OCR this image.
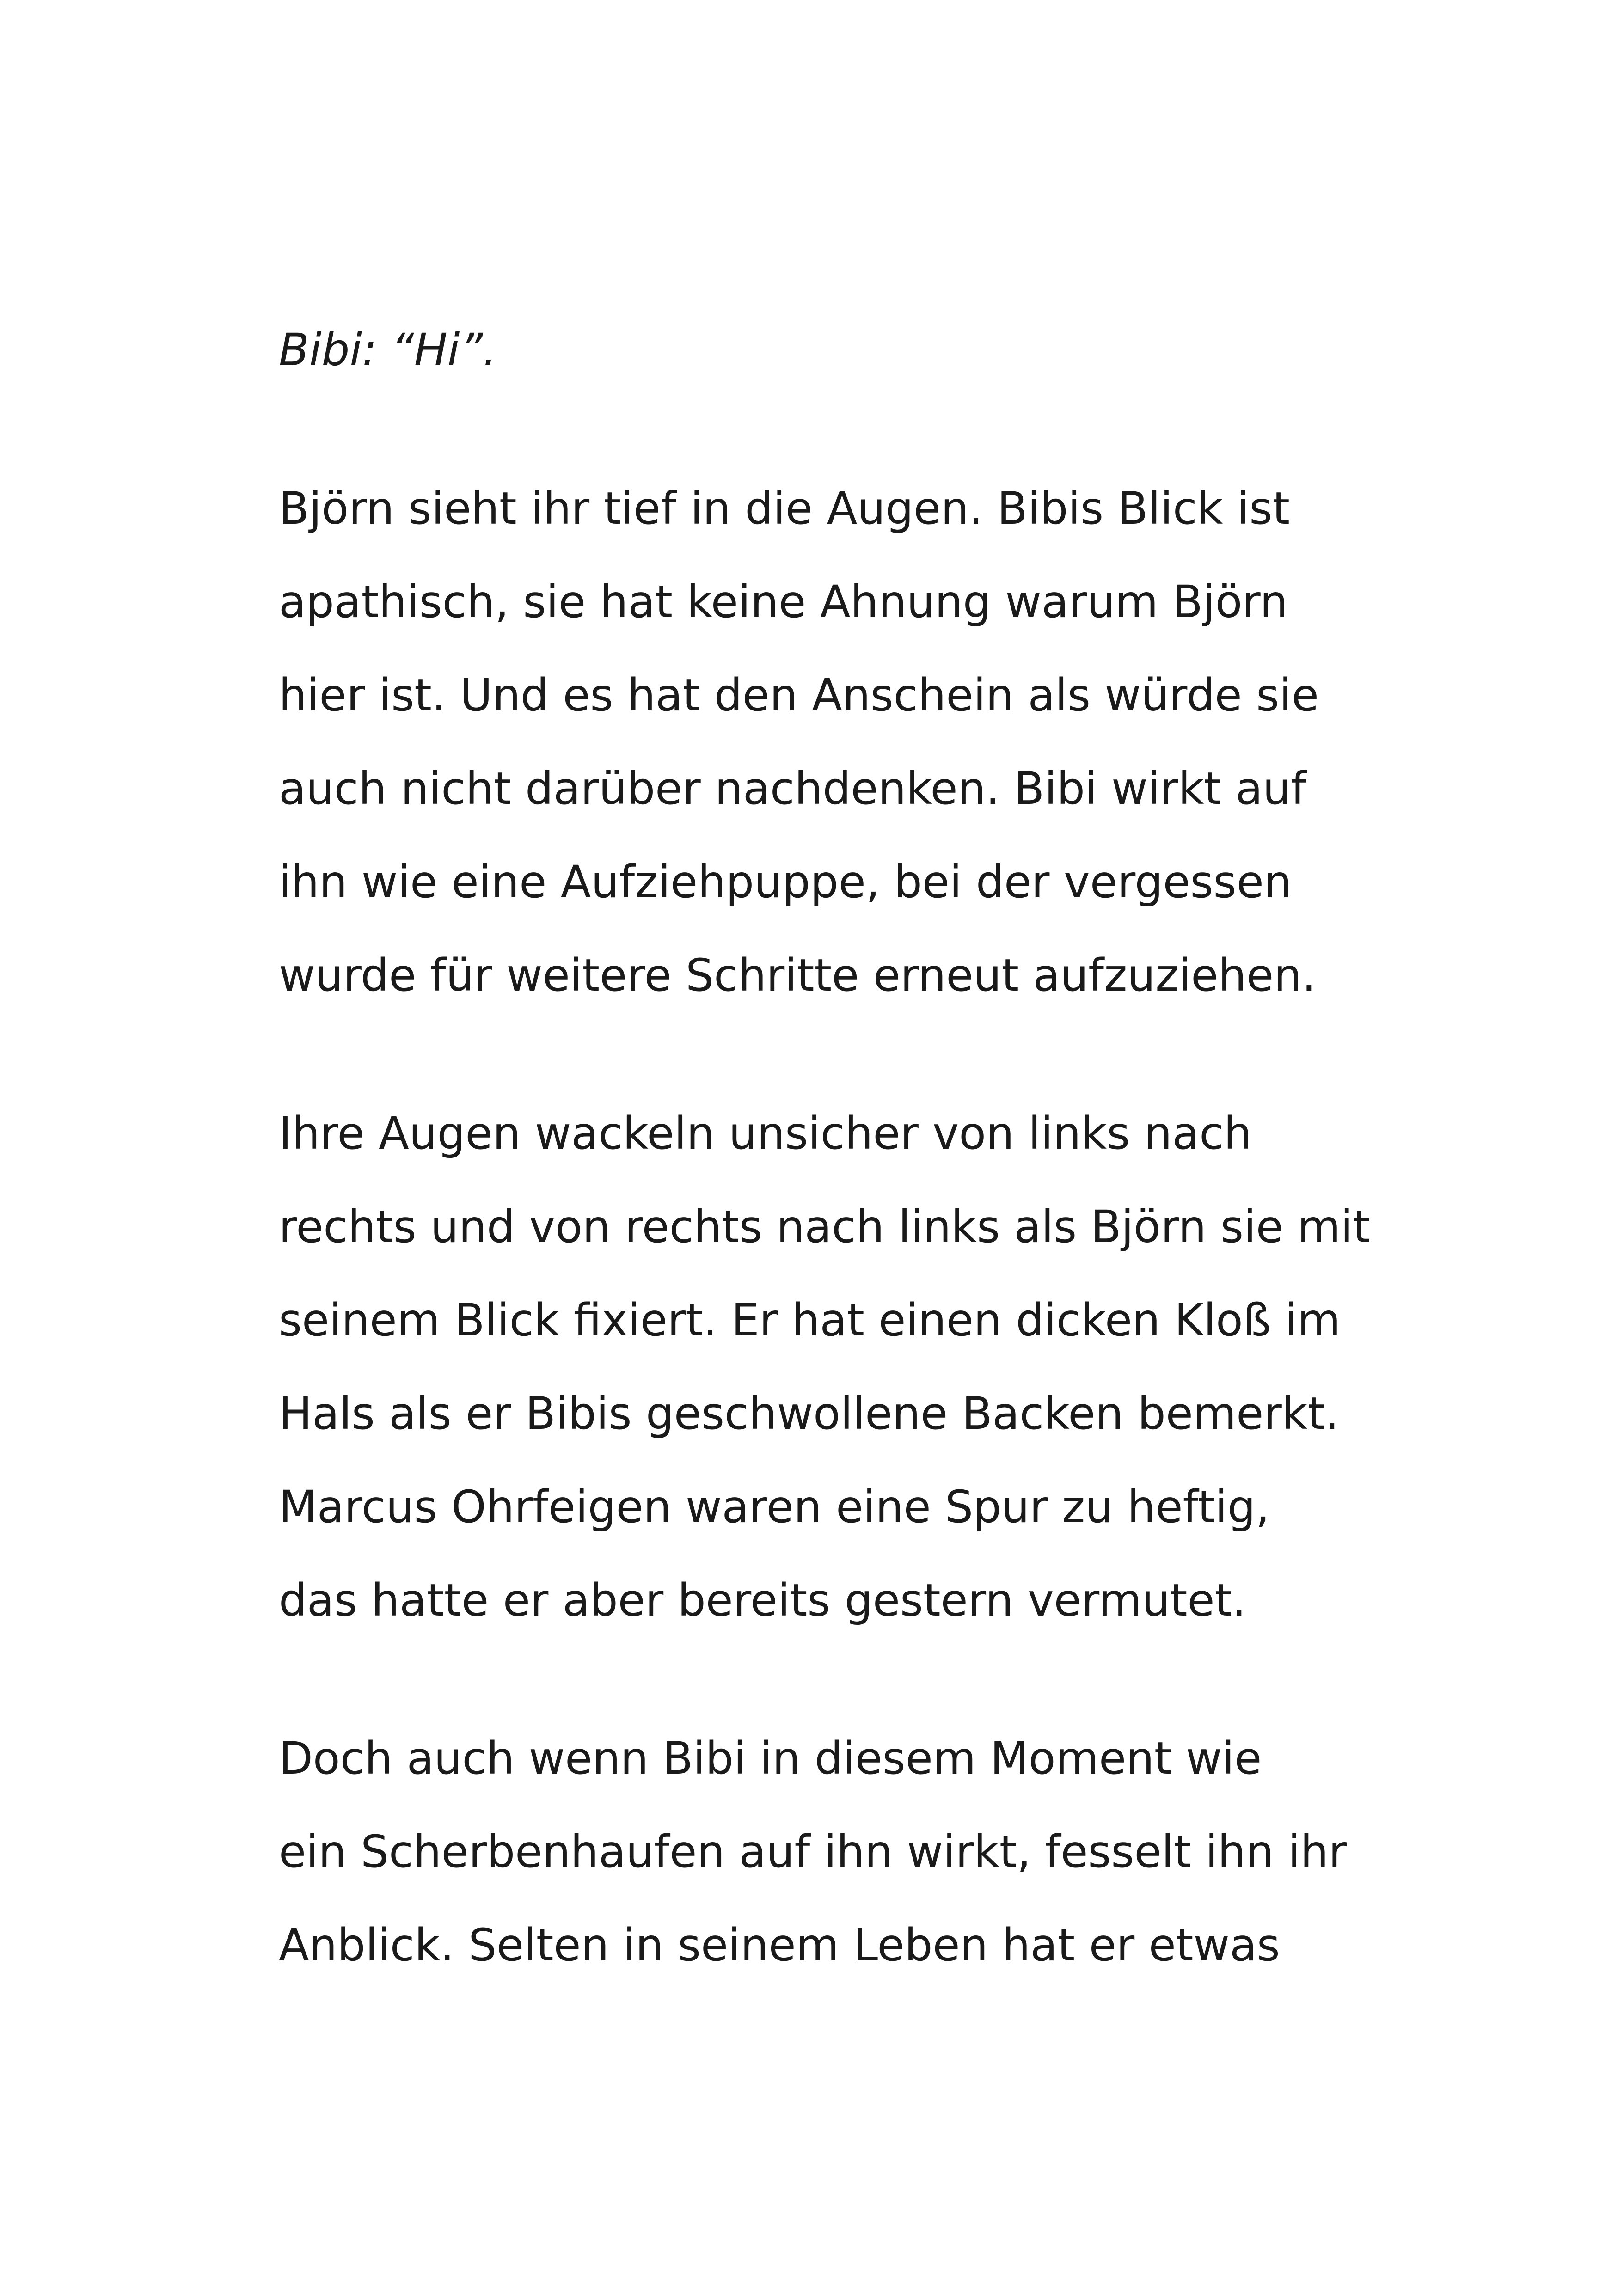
Bibi: “Hi”.
Björn sieht ihr tief in die Augen. Bibis Blick ist
apathisch, sie hat keine Ahnung warum Björn
hier ist. Und es hat den Anschein als würde sie
auch nicht darüber nachdenken. Bibi wirkt auf
ihn wie eine Aufziehpuppe, bei der vergessen
wurde für weitere Schritte erneut aufzuziehen.
Ihre Augen wackeln unsicher von links nach
rechts und von rechts nach links als Björn sie mit
seinem Blick fixiert. Er hat einen dicken Kloß im
Hals als er Bibis geschwollene Backen bemerkt.
Marcus Ohrfeigen waren eine Spur zu heftig,
das hatte er aber bereits gestern vermutet.
Doch auch wenn Bibi in diesem Moment wie
ein Scherbenhaufen auf ihn wirkt, fesselt ihn ihr
Anblick. Selten in seinem Leben hat er etwas
